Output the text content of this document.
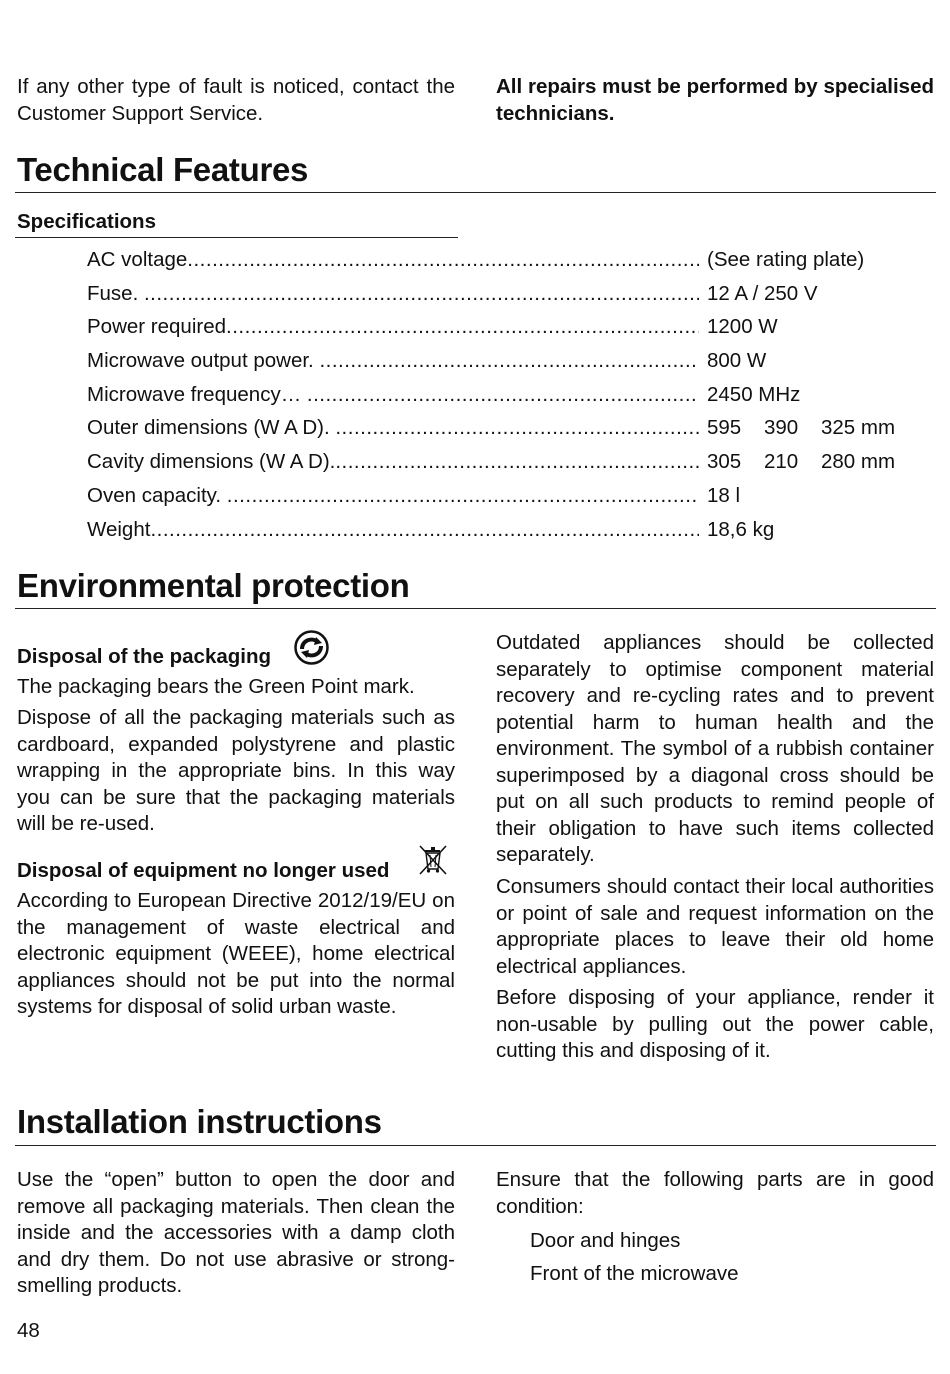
If any other type of fault is noticed, contact the Customer Support Service.

All repairs must be performed by specialised technicians.

Technical Features
Specifications
AC voltage .....	(See rating plate)
Fuse. .....	12 A / 250 V
Power required .....	1200 W
Microwave output power. .....	800 W
Microwave frequency… .....	2450 MHz
Outer dimensions (W A D). .....	595    390    325 mm
Cavity dimensions (W A D). .....	305    210    280 mm
Oven capacity. .....	18 l
Weight .....	18,6 kg
Environmental protection
Disposal of the packaging

The packaging bears the Green Point mark.

Dispose of all the packaging materials such as cardboard, expanded polystyrene and plastic wrapping in the appropriate bins. In this way you can be sure that the packaging materials will be re-used.

Disposal of equipment no longer used

According to European Directive 2012/19/EU on the management of waste electrical and electronic equipment (WEEE), home electrical appliances should not be put into the normal systems for disposal of solid urban waste.

Outdated appliances should be collected separately to optimise component material recovery and re-cycling rates and to prevent potential harm to human health and the environment. The symbol of a rubbish container superimposed by a diagonal cross should be put on all such products to remind people of their obligation to have such items collected separately.

Consumers should contact their local authorities or point of sale and request information on the appropriate places to leave their old home electrical appliances.

Before disposing of your appliance, render it non-usable by pulling out the power cable, cutting this and disposing of it.

Installation instructions

Use the “open” button to open the door and remove all packaging materials. Then clean the inside and the accessories with a damp cloth and dry them. Do not use abrasive or strong-smelling products.

Ensure that the following parts are in good condition:

Door and hinges

Front of the microwave

48
